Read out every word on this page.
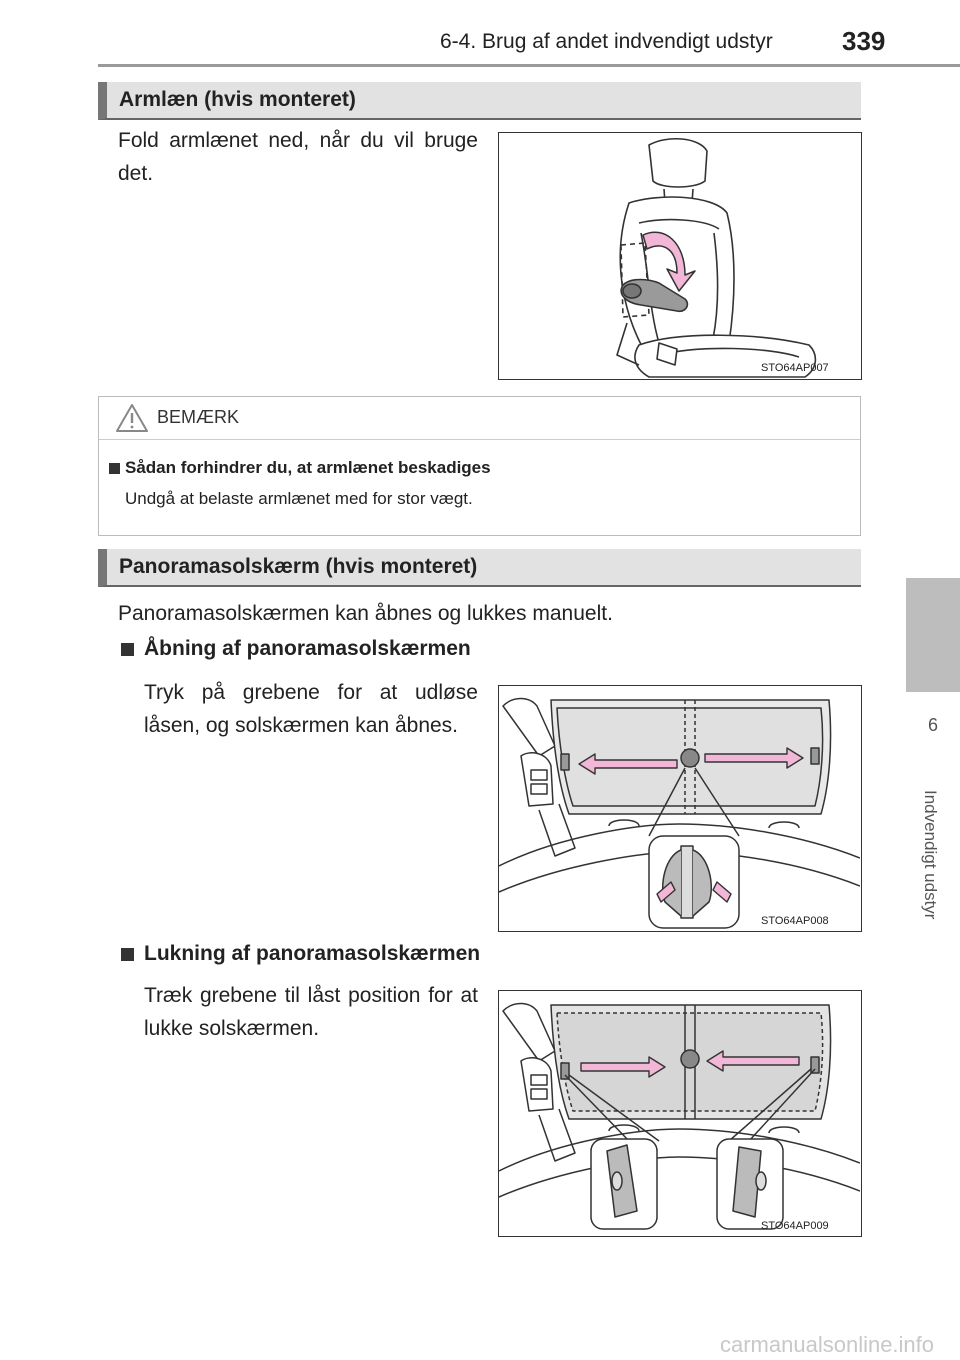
6-4. Brug af andet indvendigt udstyr	339
6
Indvendigt udstyr
Armlæn (hvis monteret)
Fold armlænet ned, når du vil bruge det.
STO64AP007
BEMÆRK
Sådan forhindrer du, at armlænet beskadiges
Undgå at belaste armlænet med for stor vægt.
Panoramasolskærm (hvis monteret)
Panoramasolskærmen kan åbnes og lukkes manuelt.
Åbning af panoramasolskærmen
Tryk på grebene for at udløse låsen, og solskærmen kan åbnes.
STO64AP008
Lukning af panoramasolskærmen
Træk grebene til låst position for at lukke solskærmen.
STO64AP009
carmanualsonline.info
